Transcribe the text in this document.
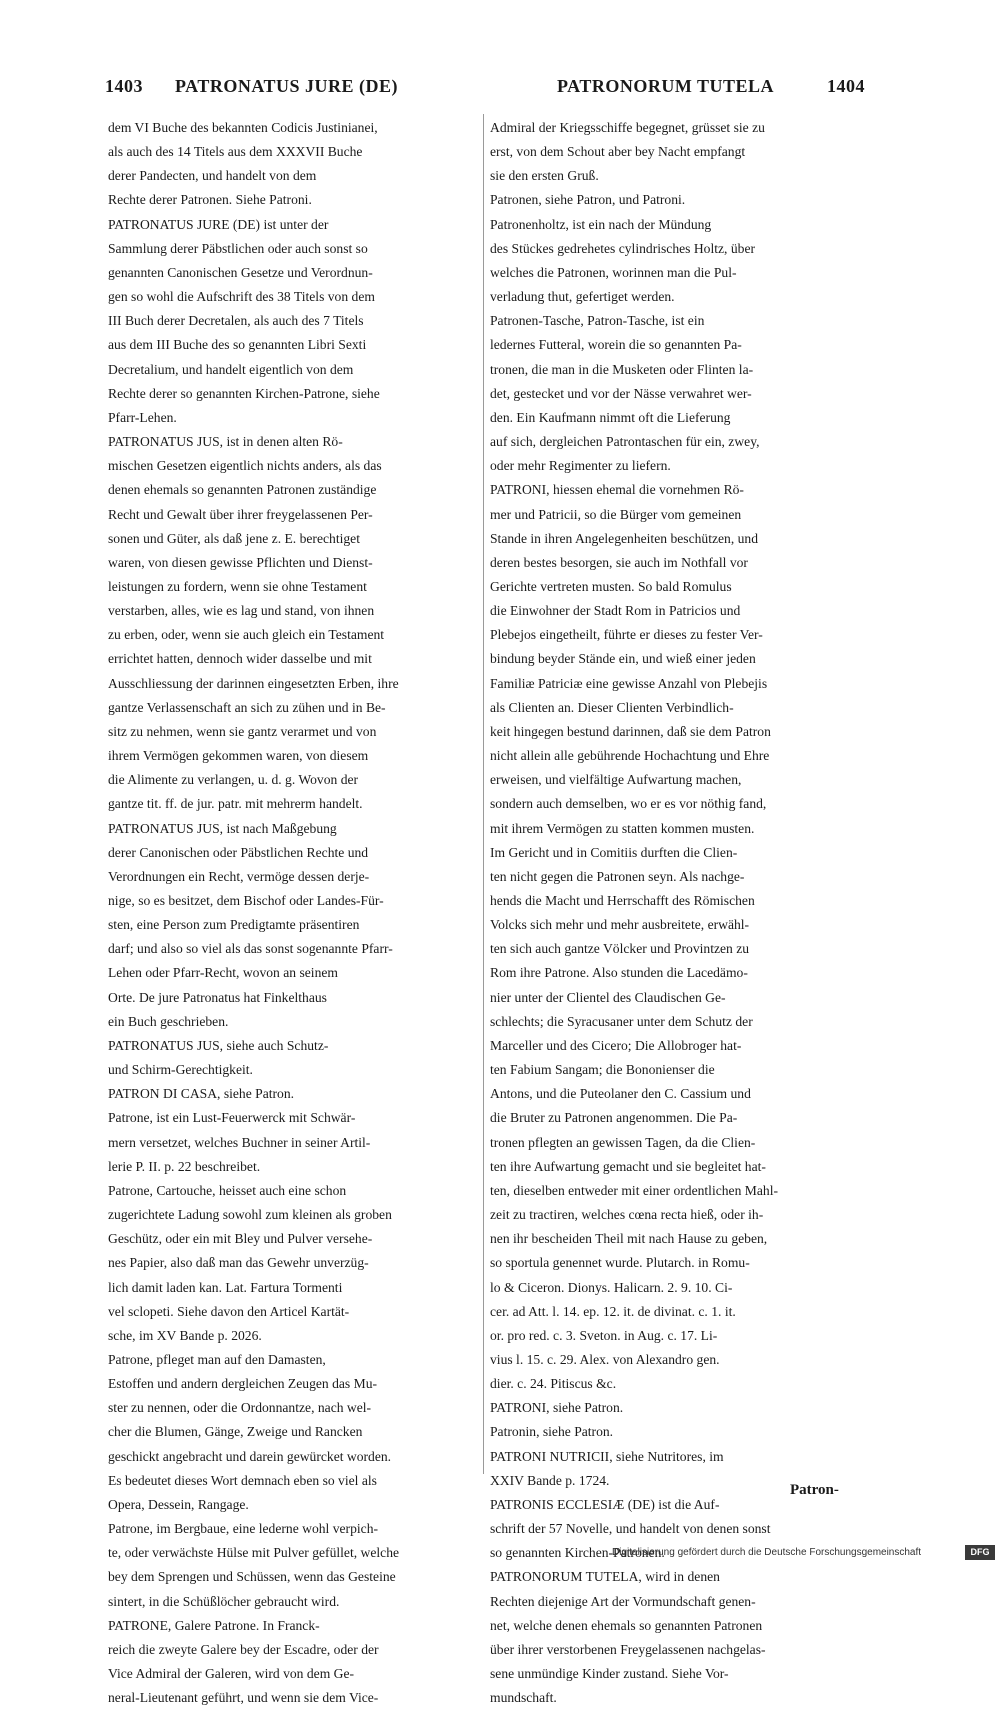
1403 PATRONATUS JURE (DE)	PATRONORUM TUTELA	1404

dem VI Buche des bekannten Codicis Justinianei,

als auch des 14 Titels aus dem XXXVII Buche

derer Pandecten, und handelt von dem

Rechte derer Patronen. Siehe Patroni.

PATRONATUS JURE (DE) ist unter der

Sammlung derer Päbstlichen oder auch sonst so

genannten Canonischen Gesetze und Verordnun-

gen so wohl die Aufschrift des 38 Titels von dem

III Buch derer Decretalen, als auch des 7 Titels

aus dem III Buche des so genannten Libri Sexti

Decretalium, und handelt eigentlich von dem

Rechte derer so genannten Kirchen-Patrone, siehe

Pfarr-Lehen.

PATRONATUS JUS, ist in denen alten Rö-

mischen Gesetzen eigentlich nichts anders, als das

denen ehemals so genannten Patronen zuständige

Recht und Gewalt über ihrer freygelassenen Per-

sonen und Güter, als daß jene z. E. berechtiget

waren, von diesen gewisse Pflichten und Dienst-

leistungen zu fordern, wenn sie ohne Testament

verstarben, alles, wie es lag und stand, von ihnen

zu erben, oder, wenn sie auch gleich ein Testament

errichtet hatten, dennoch wider dasselbe und mit

Ausschliessung der darinnen eingesetzten Erben, ihre

gantze Verlassenschaft an sich zu zühen und in Be-

sitz zu nehmen, wenn sie gantz verarmet und von

ihrem Vermögen gekommen waren, von diesem

die Alimente zu verlangen, u. d. g. Wovon der

gantze tit. ff. de jur. patr. mit mehrerm handelt.

PATRONATUS JUS, ist nach Maßgebung

derer Canonischen oder Päbstlichen Rechte und

Verordnungen ein Recht, vermöge dessen derje-

nige, so es besitzet, dem Bischof oder Landes-Für-

sten, eine Person zum Predigtamte präsentiren

darf; und also so viel als das sonst sogenannte Pfarr-

Lehen oder Pfarr-Recht, wovon an seinem

Orte. De jure Patronatus hat Finkelthaus

ein Buch geschrieben.

PATRONATUS JUS, siehe auch Schutz-

und Schirm-Gerechtigkeit.

PATRON DI CASA, siehe Patron.

Patrone, ist ein Lust-Feuerwerck mit Schwär-

mern versetzet, welches Buchner in seiner Artil-

lerie P. II. p. 22 beschreibet.

Patrone, Cartouche, heisset auch eine schon

zugerichtete Ladung sowohl zum kleinen als groben

Geschütz, oder ein mit Bley und Pulver versehe-

nes Papier, also daß man das Gewehr unverzüg-

lich damit laden kan. Lat. Fartura Tormenti

vel sclopeti. Siehe davon den Articel Kartät-

sche, im XV Bande p. 2026.

Patrone, pfleget man auf den Damasten,

Estoffen und andern dergleichen Zeugen das Mu-

ster zu nennen, oder die Ordonnantze, nach wel-

cher die Blumen, Gänge, Zweige und Rancken

geschickt angebracht und darein gewürcket worden.

Es bedeutet dieses Wort demnach eben so viel als

Opera, Dessein, Rangage.

Patrone, im Bergbaue, eine lederne wohl verpich-

te, oder verwächste Hülse mit Pulver gefüllet, welche

bey dem Sprengen und Schüssen, wenn das Gesteine

sintert, in die Schüßlöcher gebraucht wird.

PATRONE, Galere Patrone. In Franck-

reich die zweyte Galere bey der Escadre, oder der

Vice Admiral der Galeren, wird von dem Ge-

neral-Lieutenant geführt, und wenn sie dem Vice-

Admiral der Kriegsschiffe begegnet, grüsset sie zu

erst, von dem Schout aber bey Nacht empfangt

sie den ersten Gruß.

Patronen, siehe Patron, und Patroni.

Patronenholtz, ist ein nach der Mündung

des Stückes gedrehetes cylindrisches Holtz, über

welches die Patronen, worinnen man die Pul-

verladung thut, gefertiget werden.

Patronen-Tasche, Patron-Tasche, ist ein

ledernes Futteral, worein die so genannten Pa-

tronen, die man in die Musketen oder Flinten la-

det, gestecket und vor der Nässe verwahret wer-

den. Ein Kaufmann nimmt oft die Lieferung

auf sich, dergleichen Patrontaschen für ein, zwey,

oder mehr Regimenter zu liefern.

PATRONI, hiessen ehemal die vornehmen Rö-

mer und Patricii, so die Bürger vom gemeinen

Stande in ihren Angelegenheiten beschützen, und

deren bestes besorgen, sie auch im Nothfall vor

Gerichte vertreten musten. So bald Romulus

die Einwohner der Stadt Rom in Patricios und

Plebejos eingetheilt, führte er dieses zu fester Ver-

bindung beyder Stände ein, und wieß einer jeden

Familiæ Patriciæ eine gewisse Anzahl von Plebejis

als Clienten an. Dieser Clienten Verbindlich-

keit hingegen bestund darinnen, daß sie dem Patron

nicht allein alle gebührende Hochachtung und Ehre

erweisen, und vielfältige Aufwartung machen,

sondern auch demselben, wo er es vor nöthig fand,

mit ihrem Vermögen zu statten kommen musten.

Im Gericht und in Comitiis durften die Clien-

ten nicht gegen die Patronen seyn. Als nachge-

hends die Macht und Herrschafft des Römischen

Volcks sich mehr und mehr ausbreitete, erwähl-

ten sich auch gantze Völcker und Provintzen zu

Rom ihre Patrone. Also stunden die Lacedämo-

nier unter der Clientel des Claudischen Ge-

schlechts; die Syracusaner unter dem Schutz der

Marceller und des Cicero; Die Allobroger hat-

ten Fabium Sangam; die Bononienser die

Antons, und die Puteolaner den C. Cassium und

die Bruter zu Patronen angenommen. Die Pa-

tronen pflegten an gewissen Tagen, da die Clien-

ten ihre Aufwartung gemacht und sie begleitet hat-

ten, dieselben entweder mit einer ordentlichen Mahl-

zeit zu tractiren, welches cœna recta hieß, oder ih-

nen ihr bescheiden Theil mit nach Hause zu geben,

so sportula genennet wurde. Plutarch. in Romu-

lo & Ciceron. Dionys. Halicarn. 2. 9. 10. Ci-

cer. ad Att. l. 14. ep. 12. it. de divinat. c. 1. it.

or. pro red. c. 3. Sveton. in Aug. c. 17. Li-

vius l. 15. c. 29. Alex. von Alexandro gen.

dier. c. 24. Pitiscus &c.

PATRONI, siehe Patron.

Patronin, siehe Patron.

PATRONI NUTRICII, siehe Nutritores, im

XXIV Bande p. 1724.

PATRONIS ECCLESIÆ (DE) ist die Auf-

schrift der 57 Novelle, und handelt von denen sonst

so genannten Kirchen-Patronen.

PATRONORUM TUTELA, wird in denen

Rechten diejenige Art der Vormundschaft genen-

net, welche denen ehemals so genannten Patronen

über ihrer verstorbenen Freygelassenen nachgelas-

sene unmündige Kinder zustand. Siehe Vor-

mundschaft.

Patron-
Digitalisierung gefördert durch die Deutsche Forschungsgemeinschaft	DFG
